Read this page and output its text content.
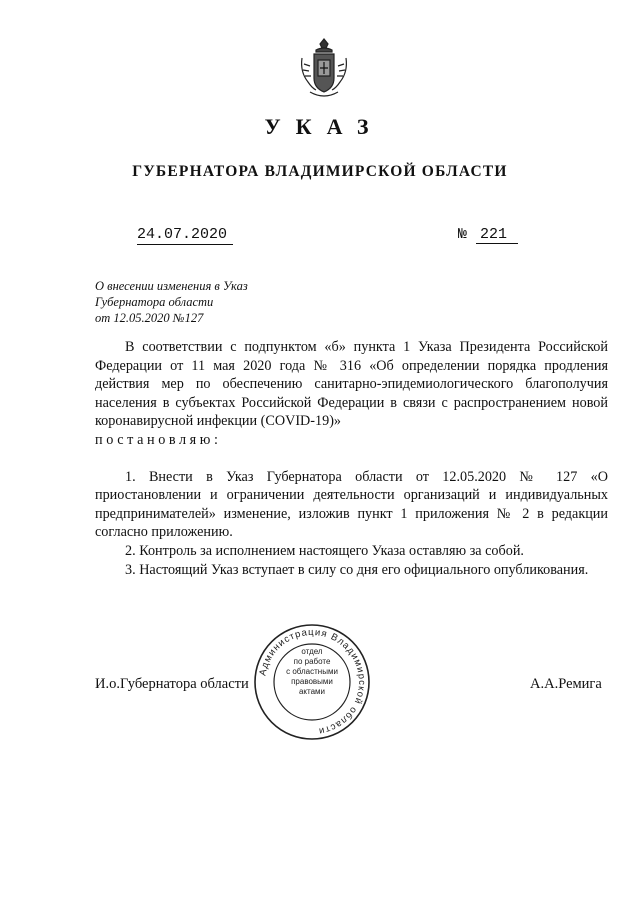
УКАЗ
ГУБЕРНАТОРА ВЛАДИМИРСКОЙ ОБЛАСТИ
24.07.2020	№ 221
О внесении изменения в Указ
Губернатора области
от 12.05.2020 №127

В соответствии с подпунктом «б» пункта 1 Указа Президента Российской Федерации от 11 мая 2020 года № 316 «Об определении порядка продления действия мер по обеспечению санитарно-эпидемиологического благополучия населения в субъектах Российской Федерации в связи с распространением новой коронавирусной инфекции (COVID-19)»

постановляю:

1. Внести в Указ Губернатора области от 12.05.2020 № 127 «О приостановлении и ограничении деятельности организаций и индивидуальных предпринимателей» изменение, изложив пункт 1 приложения № 2 в редакции согласно приложению.

2. Контроль за исполнением настоящего Указа оставляю за собой.

3. Настоящий Указ вступает в силу со дня его официального опубликования.

И.о.Губернатора области	А.А.Ремига
Администрация Владимирской области
отдел
по работе
с областными
правовыми
актами
